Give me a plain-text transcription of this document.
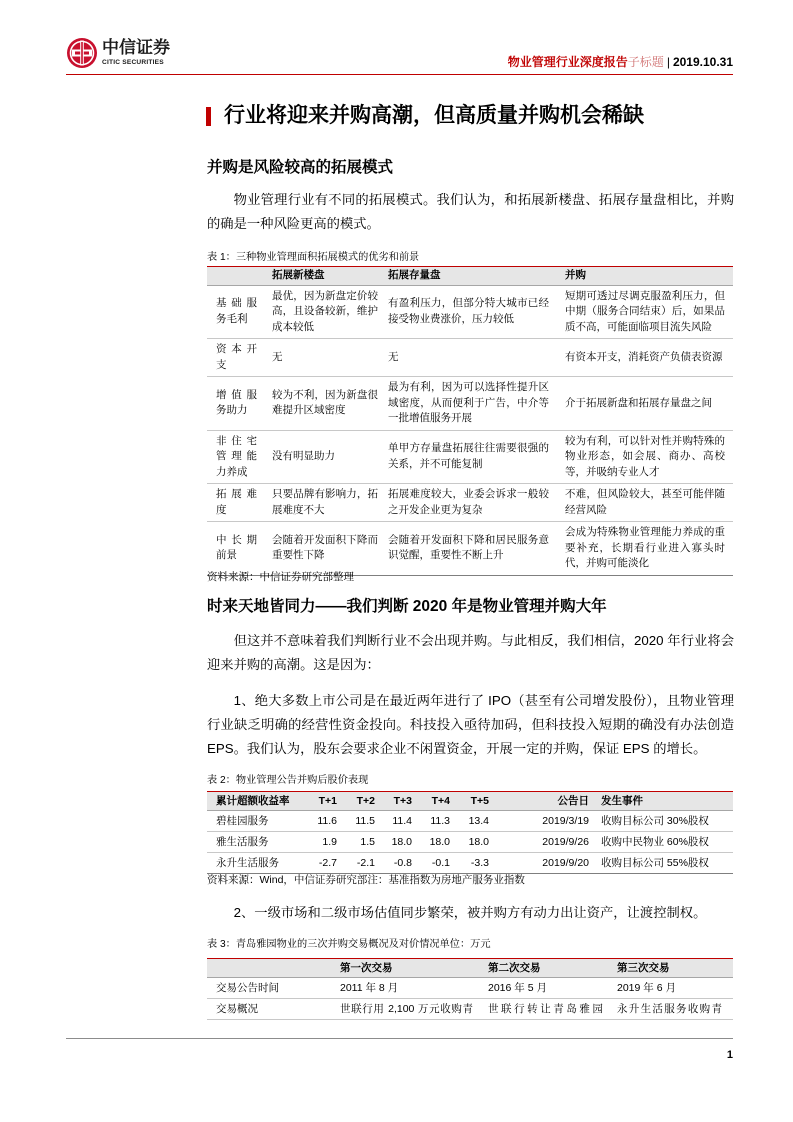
中信证券
CITIC SECURITIES	物业管理行业深度报告子标题 | 2019.10.31
行业将迎来并购高潮，但高质量并购机会稀缺
并购是风险较高的拓展模式
物业管理行业有不同的拓展模式。我们认为，和拓展新楼盘、拓展存量盘相比，并购的确是一种风险更高的模式。
表 1：三种物业管理面积拓展模式的优劣和前景
	拓展新楼盘	拓展存量盘	并购
基础服务毛利	最优，因为新盘定价较高，且设备较新，维护成本较低	有盈利压力，但部分特大城市已经接受物业费涨价，压力较低	短期可透过尽调克服盈利压力，但中期（服务合同结束）后，如果品质不高，可能面临项目流失风险
资本开支	无	无	有资本开支，消耗资产负债表资源
增值服务助力	较为不利，因为新盘很难提升区域密度	最为有利，因为可以选择性提升区域密度，从而便利于广告，中介等一批增值服务开展	介于拓展新盘和拓展存量盘之间
非住宅管理能力养成	没有明显助力	单甲方存量盘拓展往往需要很强的关系，并不可能复制	较为有利，可以针对性并购特殊的物业形态，如会展、商办、高校等，并吸纳专业人才
拓展难度	只要品牌有影响力，拓展难度不大	拓展难度较大，业委会诉求一般较之开发企业更为复杂	不难，但风险较大，甚至可能伴随经营风险
中长期前景	会随着开发面积下降而重要性下降	会随着开发面积下降和居民服务意识觉醒，重要性不断上升	会成为特殊物业管理能力养成的重要补充，长期看行业进入寡头时代，并购可能淡化
资料来源：中信证券研究部整理
时来天地皆同力——我们判断 2020 年是物业管理并购大年
但这并不意味着我们判断行业不会出现并购。与此相反，我们相信，2020 年行业将会迎来并购的高潮。这是因为：
1、绝大多数上市公司是在最近两年进行了 IPO（甚至有公司增发股份），且物业管理行业缺乏明确的经营性资金投向。科技投入亟待加码，但科技投入短期的确没有办法创造 EPS。我们认为，股东会要求企业不闲置资金，开展一定的并购，保证 EPS 的增长。
表 2：物业管理公告并购后股价表现
累计超额收益率	T+1	T+2	T+3	T+4	T+5	公告日	发生事件
碧桂园服务	11.6	11.5	11.4	11.3	13.4	2019/3/19	收购目标公司 30%股权
雅生活服务	1.9	1.5	18.0	18.0	18.0	2019/9/26	收购中民物业 60%股权
永升生活服务	-2.7	-2.1	-0.8	-0.1	-3.3	2019/9/20	收购目标公司 55%股权
资料来源：Wind，中信证券研究部注：基准指数为房地产服务业指数
2、一级市场和二级市场估值同步繁荣，被并购方有动力出让资产，让渡控制权。
表 3：青岛雅园物业的三次并购交易概况及对价情况单位：万元
	第一次交易	第二次交易	第三次交易
交易公告时间	2011 年 8 月	2016 年 5 月	2019 年 6 月
交易概况	世联行用 2,100 万元收购青	世联行转让青岛雅园	永升生活服务收购青
1
